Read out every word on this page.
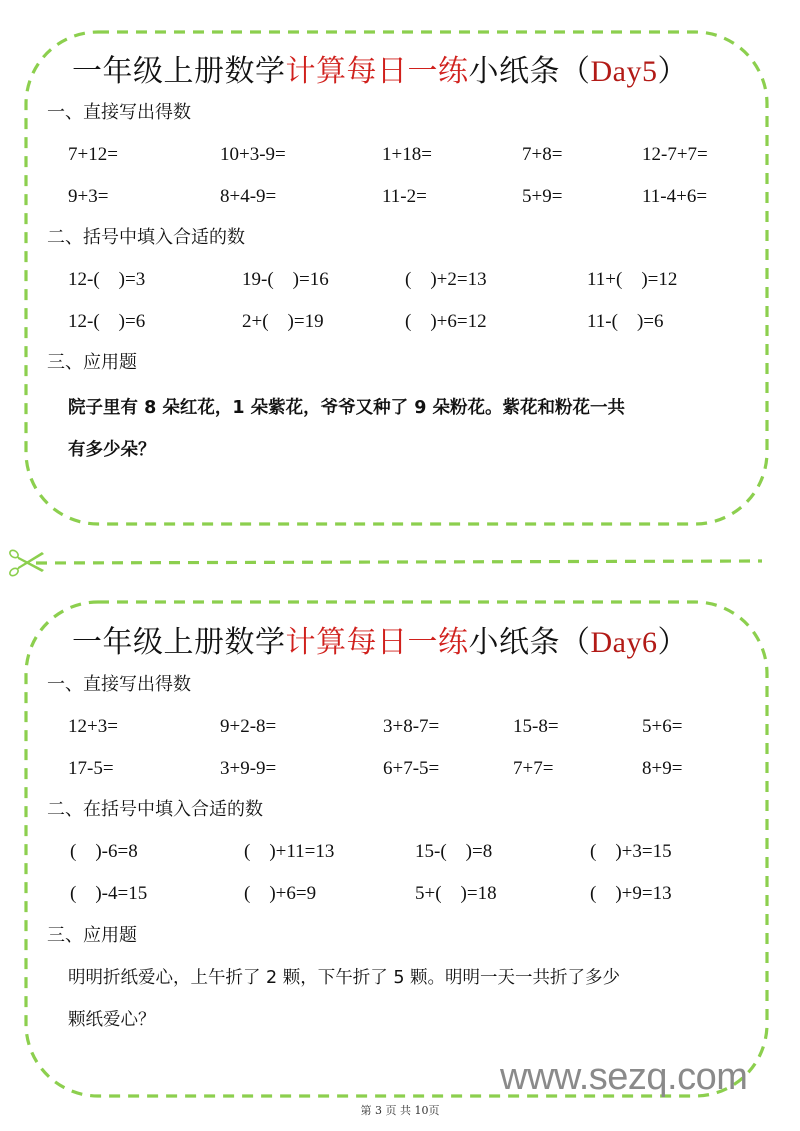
一年级上册数学计算每日一练小纸条（Day5）
一、直接写出得数
7+12=	10+3-9=	1+18=	7+8=	12-7+7=
9+3=	8+4-9=	11-2=	5+9=	11-4+6=
二、括号中填入合适的数
12-(    )=3	19-(    )=16	(    )+2=13	11+(    )=12
12-(    )=6	2+(    )=19	(    )+6=12	11-(    )=6
三、应用题
院子里有 8 朵红花，1 朵紫花，爷爷又种了 9 朵粉花。紫花和粉花一共
有多少朵？
一年级上册数学计算每日一练小纸条（Day6）
一、直接写出得数
12+3=	9+2-8=	3+8-7=	15-8=	5+6=
17-5=	3+9-9=	6+7-5=	7+7=	8+9=
二、在括号中填入合适的数
(    )-6=8	(    )+11=13	15-(    )=8	(    )+3=15
(    )-4=15	(    )+6=9	5+(    )=18	(    )+9=13
三、应用题
明明折纸爱心，上午折了 2 颗，下午折了 5 颗。明明一天一共折了多少
颗纸爱心？
www.sezq.com
第 3 页 共 10页
